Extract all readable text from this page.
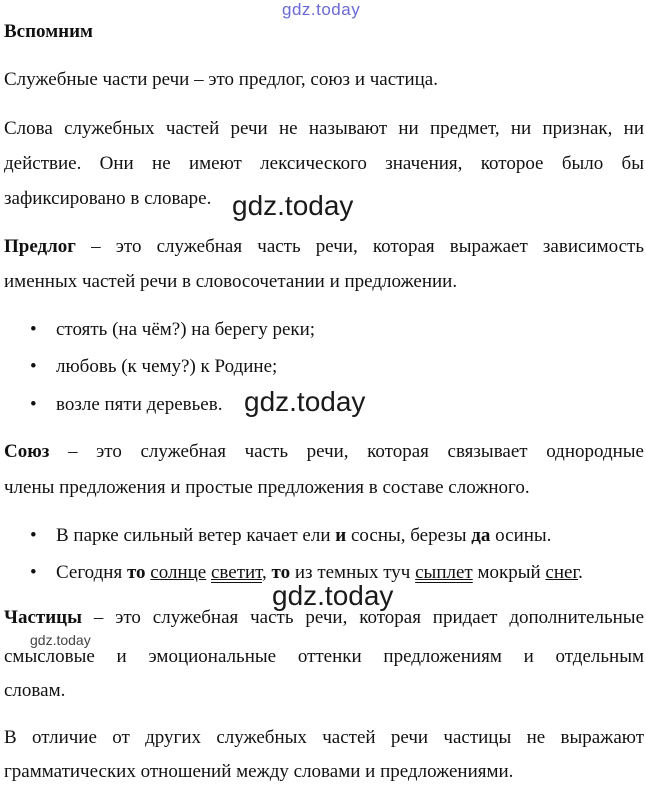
gdz.today
Вспомним
Служебные части речи – это предлог, союз и частица.
Слова служебных частей речи не называют ни предмет, ни признак, ни
действие. Они не имеют лексического значения, которое было бы
зафиксировано в словаре.
Предлог – это служебная часть речи, которая выражает зависимость
именных частей речи в словосочетании и предложении.
• стоять (на чём?) на берегу реки;
• любовь (к чему?) к Родине;
• возле пяти деревьев.
Союз – это служебная часть речи, которая связывает однородные
члены предложения и простые предложения в составе сложного.
• В парке сильный ветер качает ели и сосны, березы да осины.
• Сегодня то солнце светит, то из темных туч сыплет мокрый снег.
Частицы – это служебная часть речи, которая придает дополнительные
смысловые и эмоциональные оттенки предложениям и отдельным
словам.
В отличие от других служебных частей речи частицы не выражают
грамматических отношений между словами и предложениями.
gdz.today
gdz.today
gdz.today
gdz.today
